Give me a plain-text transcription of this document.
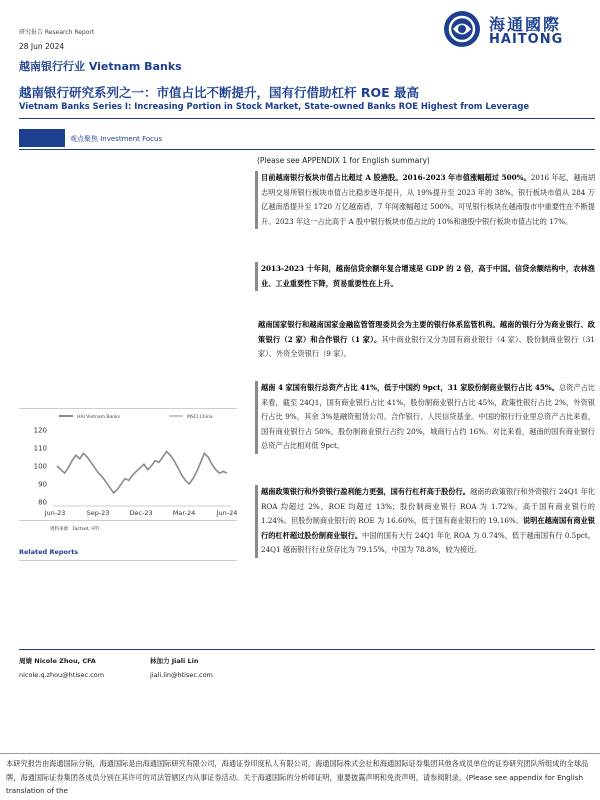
研究报告 Research Report
28 Jun 2024
越南银行行业 Vietnam Banks
海通國際
HAITONG
越南银行研究系列之一：市值占比不断提升，国有行借助杠杆 ROE 最高
Vietnam Banks Series I: Increasing Portion in Stock Market, State-owned Banks ROE Highest from Leverage
观点聚焦 Investment Focus
(Please see APPENDIX 1 for English summary)
目前越南银行板块市值占比超过 A 股港股。2016-2023 年市值涨幅超过 500%。2016 年起，越南胡志明交易所银行板块市值占比稳步逐年提升，从 19%提升至 2023 年的 38%，银行板块市值从 284 万亿越南盾提升至 1720 万亿越南盾，7 年间涨幅超过 500%。可见银行板块在越南股市中重要性在不断提升。2023 年这一占比高于 A 股中银行板块市值占比的 10%和港股中银行板块市值占比的 17%。
2013-2023 十年间，越南信贷余额年复合增速是 GDP 的 2 倍，高于中国。信贷余额结构中，农林渔业、工业重要性下降，贸易重要性在上升。
越南国家银行和越南国家金融监管管理委员会为主要的银行体系监管机构。越南的银行分为商业银行、政策银行（2 家）和合作银行（1 家）。其中商业银行又分为国有商业银行（4 家）、股份制商业银行（31 家）、外资全资银行（9 家）。
越南 4 家国有银行总资产占比 41%，低于中国约 9pct，31 家股份制商业银行占比 45%。总资产占比来看，截至 24Q1，国有商业银行占比 41%，股份制商业银行占比 45%，政策性银行占比 2%，外资银行占比 9%，其余 3%是融资租赁公司、合作银行、人民信贷基金。中国的银行行业里总资产占比来看，国有商业银行占 50%，股份制商业银行占约 20%，城商行占约 16%。对比来看，越南的国有商业银行总资产占比相对低 9pct。
越南政策银行和外资银行盈利能力更强，国有行杠杆高于股份行。越南的政策银行和外资银行 24Q1 年化 ROA 均超过 2%，ROE 均超过 13%；股份制商业银行 ROA 为 1.72%，高于国有商业银行的 1.24%。但股份制商业银行的 ROE 为 16.60%，低于国有商业银行的 19.16%。说明在越南国有商业银行的杠杆超过股份制商业银行。中国的国有大行 24Q1 年化 ROA 为 0.74%，低于越南国有行 0.5pct。24Q1 越南银行行业贷存比为 79.15%，中国为 78.8%，较为接近。
HAI Vietnam Banks	MSCI China
80
90
100
110
120
Jun-23	Sep-23	Dec-23	Mar-24	Jun-24
资料来源：Factset, HTI
Related Reports
周婧 Nicole Zhou, CFA
nicole.q.zhou@htisec.com
林加力 Jiali Lin
jiali.lin@htisec.com
本研究报告由海通国际分销，海通国际是由海通国际研究有限公司，海通证券印度私人有限公司，海通国际株式会社和海通国际证券集团其他各成员单位的证券研究团队所组成的全球品牌，海通国际证券集团各成员分别在其许可的司法管辖区内从事证券活动。关于海通国际的分析师证明，重要披露声明和免责声明，请参阅附录。(Please see appendix for English translation of the
